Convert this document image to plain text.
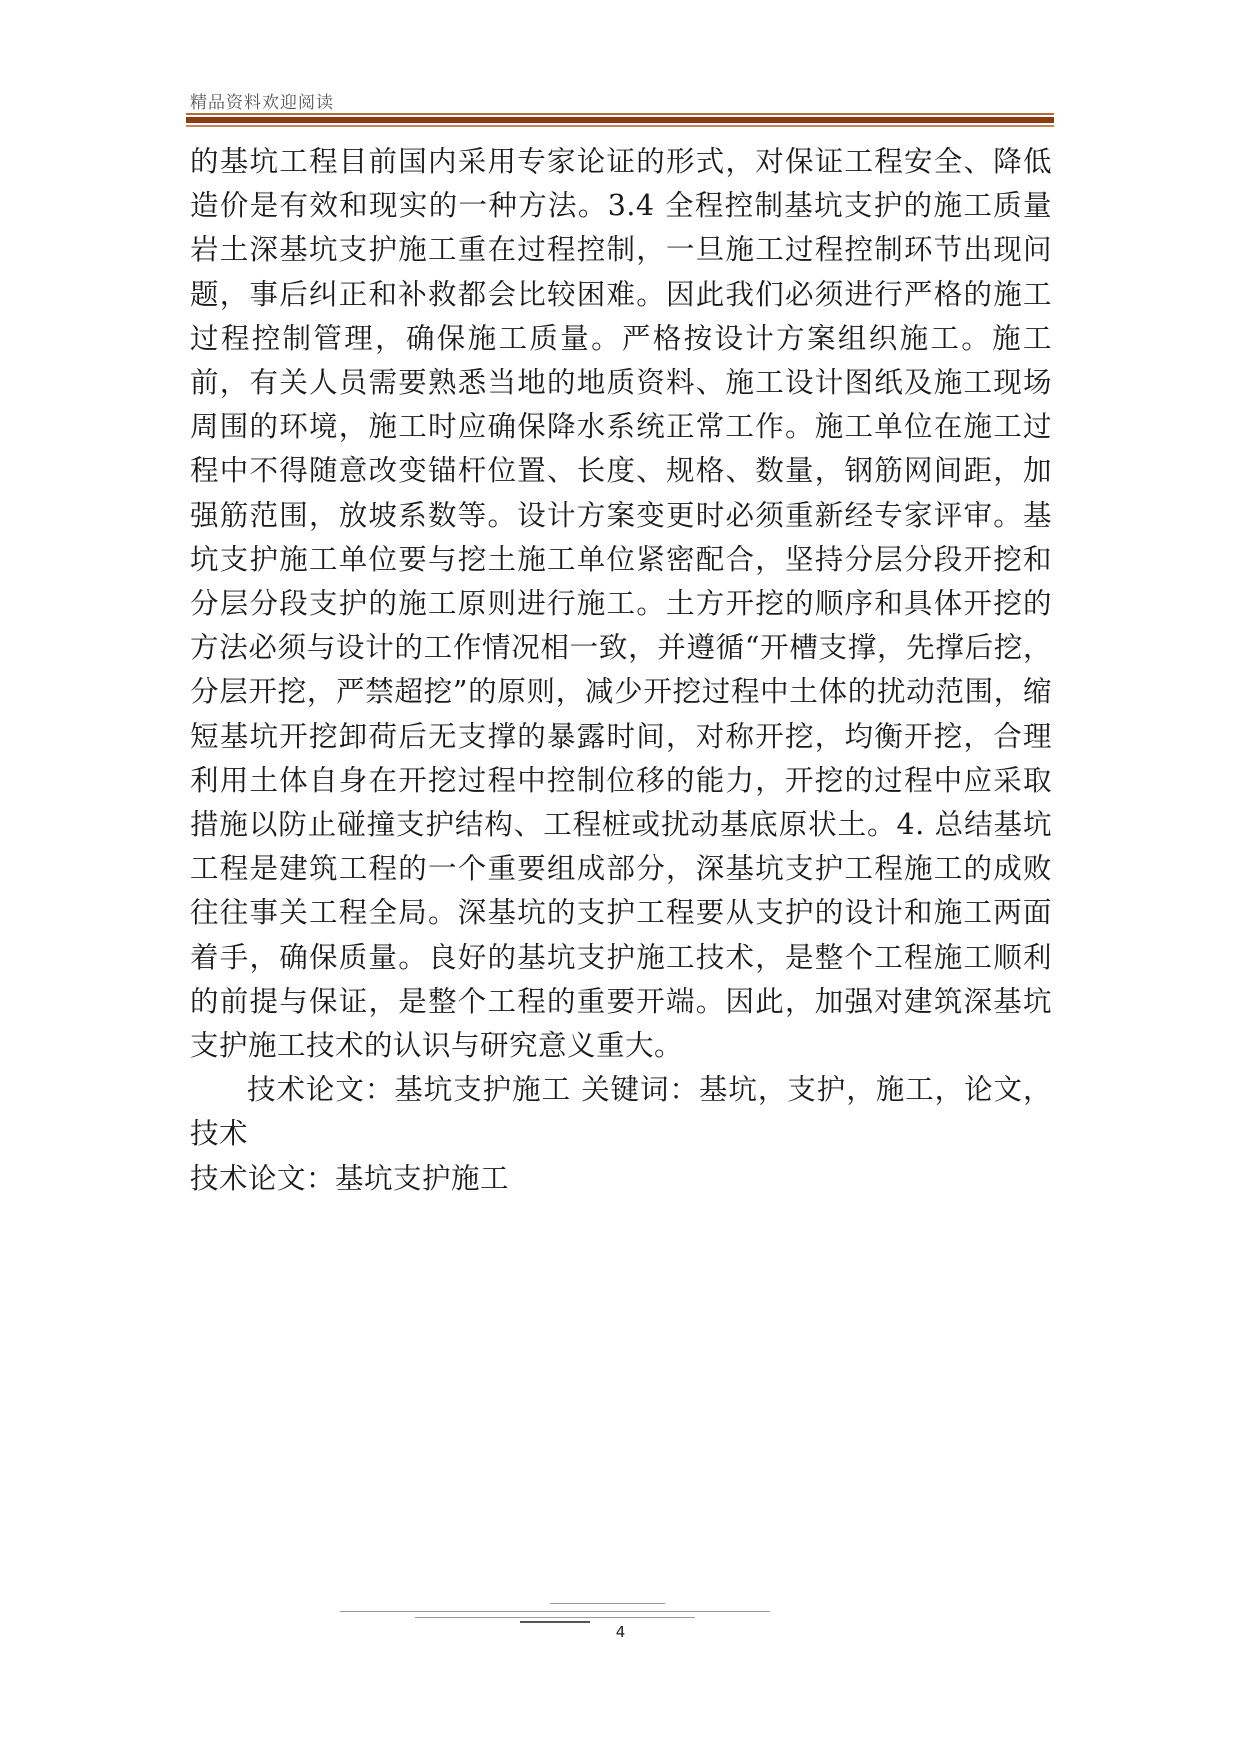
精品资料欢迎阅读

的基坑工程目前国内采用专家论证的形式，对保证工程安全、降低造价是有效和现实的一种方法。3.4 全程控制基坑支护的施工质量岩土深基坑支护施工重在过程控制，一旦施工过程控制环节出现问题，事后纠正和补救都会比较困难。因此我们必须进行严格的施工过程控制管理，确保施工质量。严格按设计方案组织施工。施工前，有关人员需要熟悉当地的地质资料、施工设计图纸及施工现场周围的环境，施工时应确保降水系统正常工作。施工单位在施工过程中不得随意改变锚杆位置、长度、规格、数量，钢筋网间距，加强筋范围，放坡系数等。设计方案变更时必须重新经专家评审。基坑支护施工单位要与挖土施工单位紧密配合，坚持分层分段开挖和分层分段支护的施工原则进行施工。土方开挖的顺序和具体开挖的方法必须与设计的工作情况相一致，并遵循“开槽支撑，先撑后挖，分层开挖，严禁超挖”的原则，减少开挖过程中土体的扰动范围，缩短基坑开挖卸荷后无支撑的暴露时间，对称开挖，均衡开挖，合理利用土体自身在开挖过程中控制位移的能力，开挖的过程中应采取措施以防止碰撞支护结构、工程桩或扰动基底原状土。4. 总结基坑工程是建筑工程的一个重要组成部分，深基坑支护工程施工的成败往往事关工程全局。深基坑的支护工程要从支护的设计和施工两面着手，确保质量。良好的基坑支护施工技术，是整个工程施工顺利的前提与保证，是整个工程的重要开端。因此，加强对建筑深基坑支护施工技术的认识与研究意义重大。

技术论文：基坑支护施工 关键词：基坑，支护，施工，论文，技术

技术论文：基坑支护施工

4
